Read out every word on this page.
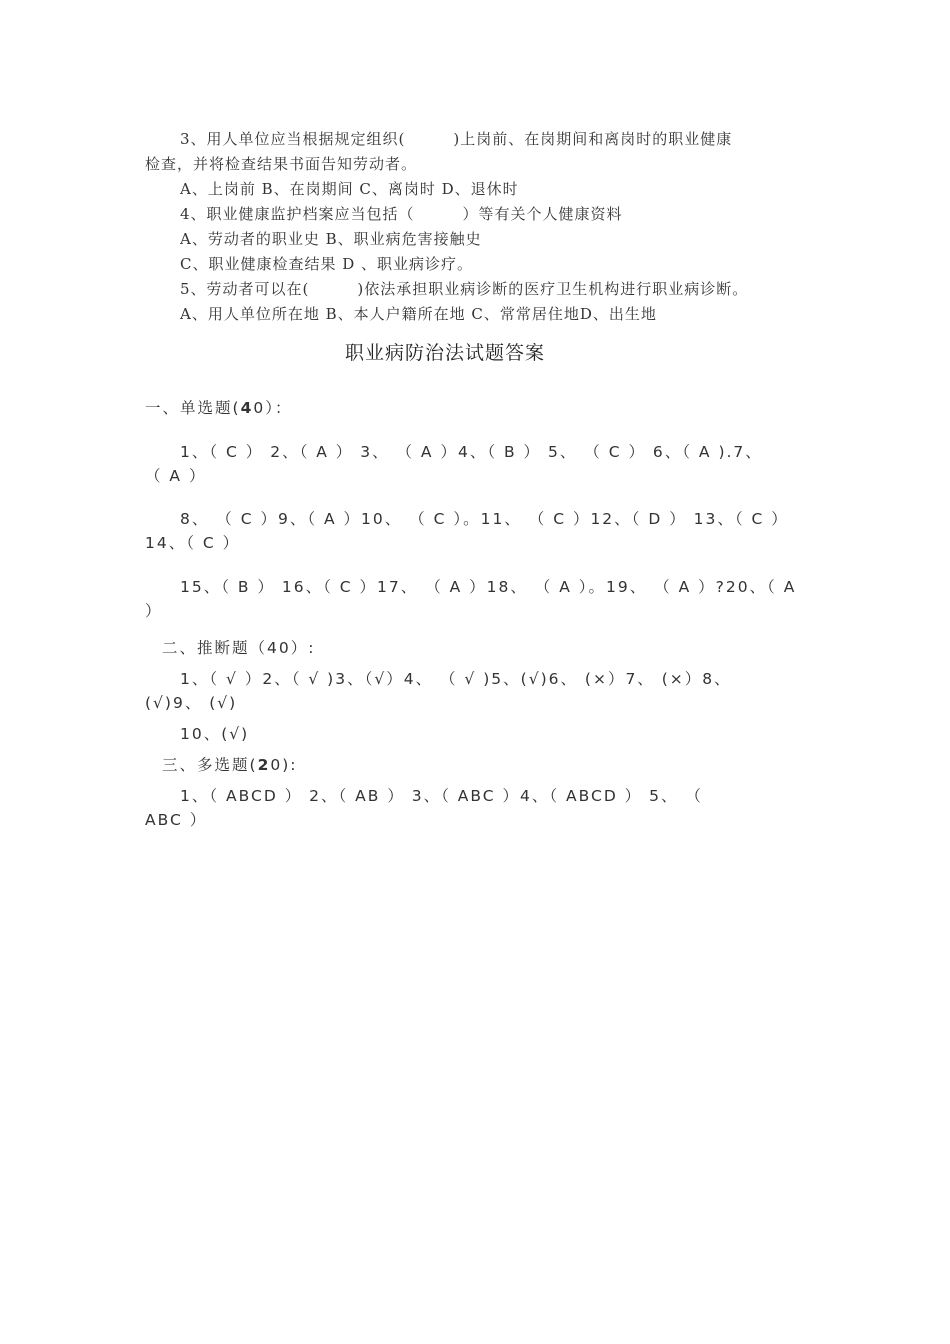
3、用人单位应当根据规定组织(　　　)上岗前、在岗期间和离岗时的职业健康
检查，并将检查结果书面告知劳动者。
A、上岗前 B、在岗期间 C、离岗时 D、退休时
4、职业健康监护档案应当包括（　　　）等有关个人健康资料
A、劳动者的职业史 B、职业病危害接触史
C、职业健康检查结果 D 、职业病诊疗。
5、劳动者可以在(　　　)依法承担职业病诊断的医疗卫生机构进行职业病诊断。
A、用人单位所在地 B、本人户籍所在地 C、常常居住地D、出生地
职业病防治法试题答案
一、单选题(40）：
1、（ C ） 2、（ A ） 3、 （ A ）4、（ B ） 5、 （ C ） 6、（ A ).7、
（ A ）
8、 （ C ）9、（ A ）10、 （ C ）。11、 （ C ）12、（ D ） 13、（ C ）
14、（ C ）
15、（ B ） 16、（ C ）17、 （ A ）18、 （ A ）。19、 （ A ）?20、（ A
）
二、推断题（40）:
1、（ √ ）2、（ √ )3、（√）4、 （ √ )5、(√)6、 (×）7、 (×）8、
(√)9、 (√)
10、(√)
三、多选题(20):
1、（ ABCD ） 2、（ AB ） 3、（ ABC ）4、（ ABCD ） 5、 （
ABC ）
